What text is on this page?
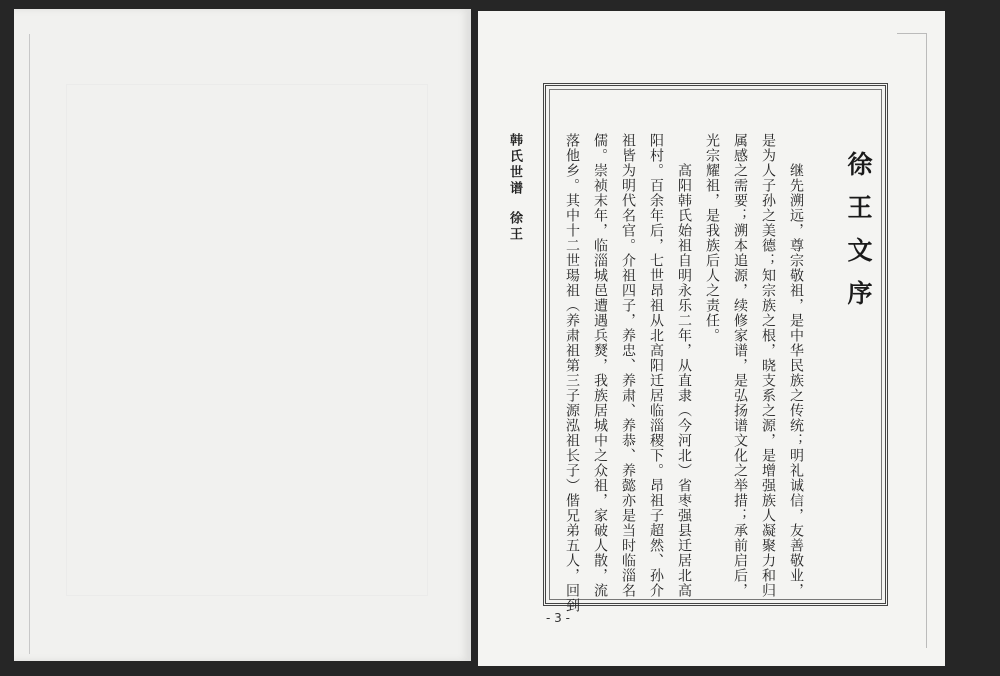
韩氏世谱
徐王	徐王文序
　　继先溯远，尊宗敬祖，是中华民族之传统；明礼诚信，友善敬业，
是为人子孙之美德；知宗族之根，晓支系之源，是增强族人凝聚力和归
属感之需要；溯本追源，续修家谱，是弘扬谱文化之举措；承前启后，
光宗耀祖，是我族后人之责任。
　　高阳韩氏始祖自明永乐二年，从直隶（今河北）省枣强县迁居北高
阳村。百余年后，七世昂祖从北高阳迁居临淄稷下。昂祖子超然、孙介
祖皆为明代名官。介祖四子，养忠、养肃、养恭、养懿亦是当时临淄名
儒。崇祯末年，临淄城邑遭遇兵燹，我族居城中之众祖，家破人散，流
落他乡。其中十二世瑒祖（养肃祖第三子源泓祖长子）偕兄弟五人，回到
- 3 -
